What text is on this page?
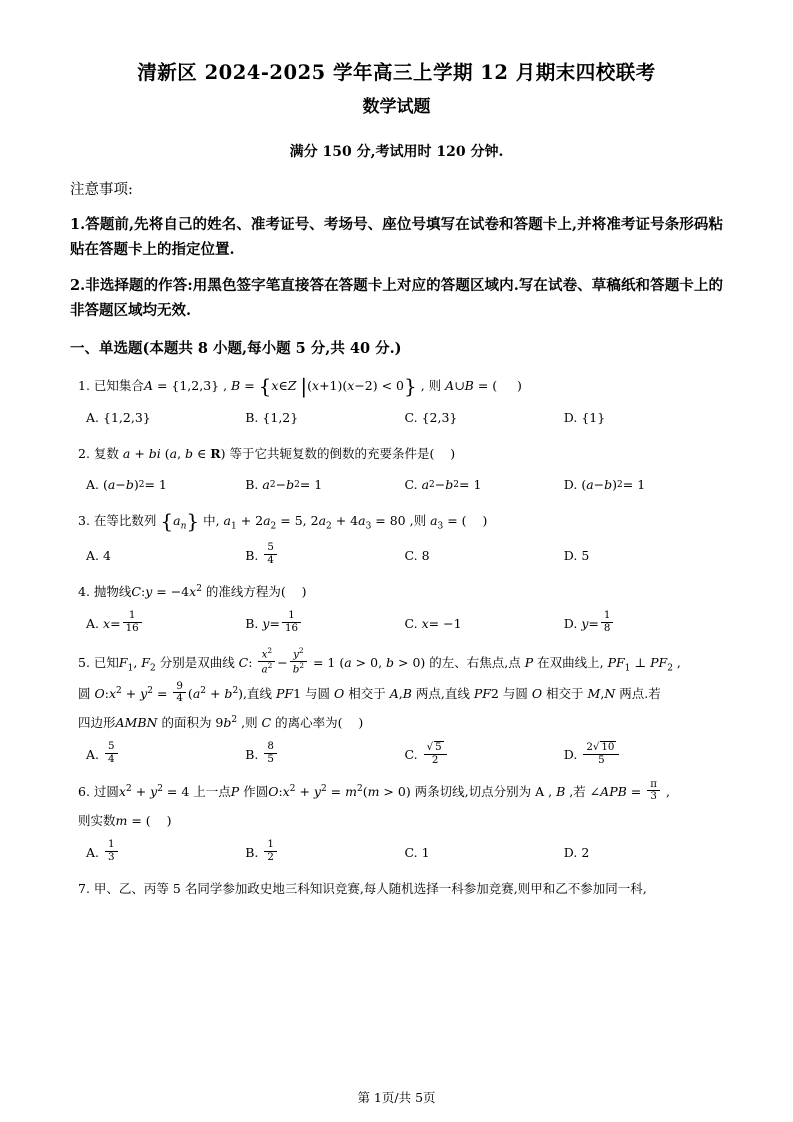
清新区 2024-2025 学年高三上学期 12 月期末四校联考
数学试题
满分 150 分,考试用时 120 分钟.
注意事项:
1.答题前,先将自己的姓名、准考证号、考场号、座位号填写在试卷和答题卡上,并将准考证号条形码粘贴在答题卡上的指定位置.
2.非选择题的作答:用黑色签字笔直接答在答题卡上对应的答题区域内.写在试卷、草稿纸和答题卡上的非答题区域均无效.
一、单选题(本题共 8 小题,每小题 5 分,共 40 分.)
1. 已知集合A = {1,2,3} , B = {x∈Z |(x+1)(x−2) < 0} , 则 A∪B = (     )
A. {1,2,3}	B. {1,2}	C. {2,3}	D. {1}
2. 复数 a + bi (a, b ∈ R) 等于它共轭复数的倒数的充要条件是(    )
A. ( a − b ) 2 = 1	B. a 2 − b 2 = 1	C. a 2 − b 2 = 1	D. ( a − b ) 2 = 1
3. 在等比数列 $\{a_n\}$ 中, $a_1 + 2a_2 = 5$, $2a_2 + 4a_3 = 80$ ,则 $a_3$ = (    )
A. 4	B. $\frac{5}{4}$	C. 8	D. 5
4. 抛物线C:y = $-4x^2$ 的准线方程为(    )
A. $x = \frac{1}{16}$	B. $y = \frac{1}{16}$	C. x = −1	D. $y = \frac{1}{8}$
5. 已知$F_1$, $F_2$ 分别是双曲线 C: $\frac{x^2}{a^2} - \frac{y^2}{b^2} = 1$ (a > 0, b > 0) 的左、右焦点,点 P 在双曲线上, $PF_1$ ⊥ $PF_2$ ,
圆 $O:x^2 + y^2 = \frac{9}{4} (a^2 + b^2)$,直线 PF1 与圆 O 相交于 A,B 两点,直线 PF2 与圆 O 相交于 M,N 两点.若
四边形AMBN 的面积为 $9b^2$ ,则 C 的离心率为(    )
A. $\frac{5}{4}$	B. $\frac{8}{5}$	C. $\frac{√ 5}{2}$	D. $\frac{2√ 10}{5}$
6. 过圆$x^2 + y^2 = 4$ 上一点P 作圆$O:x^2 + y^2 = m^2(m > 0)$ 两条切线,切点分别为 A , B ,若 ∠APB = $\frac{\pi}{3}$ ,
则实数m = (    )
A. $\frac{1}{3}$	B. $\frac{1}{2}$	C. 1	D. 2
7. 甲、乙、丙等 5 名同学参加政史地三科知识竞赛,每人随机选择一科参加竞赛,则甲和乙不参加同一科,
第 1页/共 5页
